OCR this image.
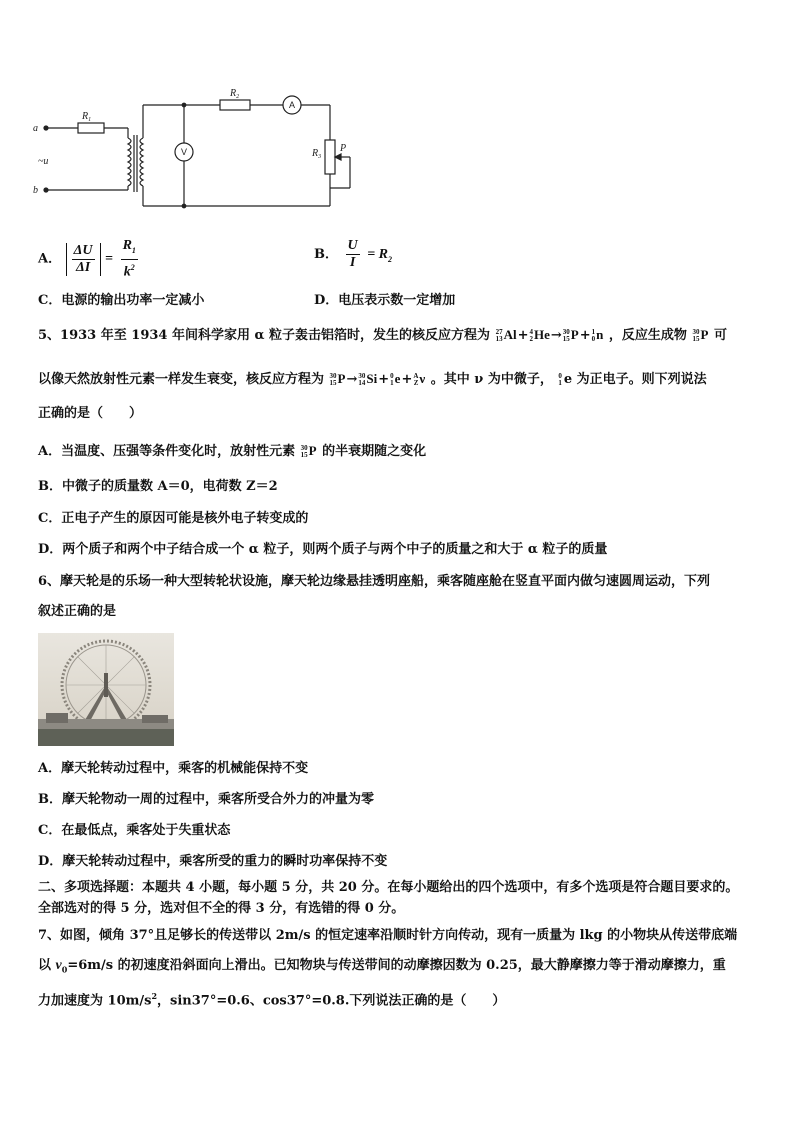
a
b
~u
$R_1$
$R_2$
$R_3$
P
V
A
A． $\frac{\Delta U}{\Delta I} = \frac{R_1}{k^2}$	B． $\frac{U}{I} = R_2$
C．电源的输出功率一定减小	D．电压表示数一定增加
5、1933 年至 1934 年间科学家用 α 粒子轰击铝箔时，发生的核反应方程为 27
13 Al+ 4
2 He→ 30
15 P+ 1
0 n ，反应生成物 30
15 P 可
以像天然放射性元素一样发生衰变，核反应方程为 30
15 P→ 30
14 Si+ 0
1 e+ A
Z ν 。其中 ν 为中微子， 0
1 e 为正电子。则下列说法
正确的是（　　）
A．当温度、压强等条件变化时，放射性元素 30
15 P 的半衰期随之变化
B．中微子的质量数 A＝0，电荷数 Z＝2
C．正电子产生的原因可能是核外电子转变成的
D．两个质子和两个中子结合成一个 α 粒子，则两个质子与两个中子的质量之和大于 α 粒子的质量
6、摩天轮是的乐场一种大型转轮状设施，摩天轮边缘悬挂透明座船，乘客随座舱在竖直平面内做匀速圆周运动，下列
叙述正确的是
A．摩天轮转动过程中，乘客的机械能保持不变
B．摩天轮物动一周的过程中，乘客所受合外力的冲量为零
C．在最低点，乘客处于失重状态
D．摩天轮转动过程中，乘客所受的重力的瞬时功率保持不变
二、多项选择题：本题共 4 小题，每小题 5 分，共 20 分。在每小题给出的四个选项中，有多个选项是符合题目要求的。
全部选对的得 5 分，选对但不全的得 3 分，有选错的得 0 分。
7、如图，倾角 37°且足够长的传送带以 2m/s 的恒定速率沿顺时针方向传动，现有一质量为 lkg 的小物块从传送带底端
以 $v_0=6m/s$ 的初速度沿斜面向上滑出。已知物块与传送带间的动摩擦因数为 0.25，最大静摩擦力等于滑动摩擦力，重
力加速度为 $10m/s^2$，sin37°=0.6、cos37°=0.8.下列说法正确的是（　　）
